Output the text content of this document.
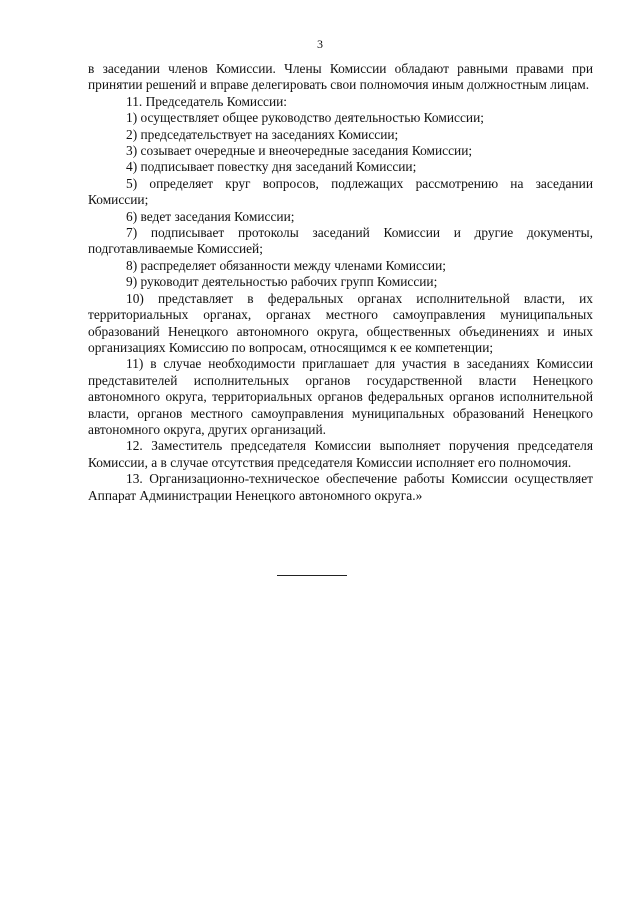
3

в заседании членов Комиссии. Члены Комиссии обладают равными правами при принятии решений и вправе делегировать свои полномочия иным должностным лицам.

11. Председатель Комиссии:

1) осуществляет общее руководство деятельностью Комиссии;

2) председательствует на заседаниях Комиссии;

3) созывает очередные и внеочередные заседания Комиссии;

4) подписывает повестку дня заседаний Комиссии;

5) определяет круг вопросов, подлежащих рассмотрению на заседании Комиссии;

6) ведет заседания Комиссии;

7) подписывает протоколы заседаний Комиссии и другие документы, подготавливаемые Комиссией;

8) распределяет обязанности между членами Комиссии;

9) руководит деятельностью рабочих групп Комиссии;

10) представляет в федеральных органах исполнительной власти, их территориальных органах, органах местного самоуправления муниципальных образований Ненецкого автономного округа, общественных объединениях и иных организациях Комиссию по вопросам, относящимся к ее компетенции;

11) в случае необходимости приглашает для участия в заседаниях Комиссии представителей исполнительных органов государственной власти Ненецкого автономного округа, территориальных органов федеральных органов исполнительной власти, органов местного самоуправления муниципальных образований Ненецкого автономного округа, других организаций.

12. Заместитель председателя Комиссии выполняет поручения председателя Комиссии, а в случае отсутствия председателя Комиссии исполняет его полномочия.

13. Организационно-техническое обеспечение работы Комиссии осуществляет Аппарат Администрации Ненецкого автономного округа.»
